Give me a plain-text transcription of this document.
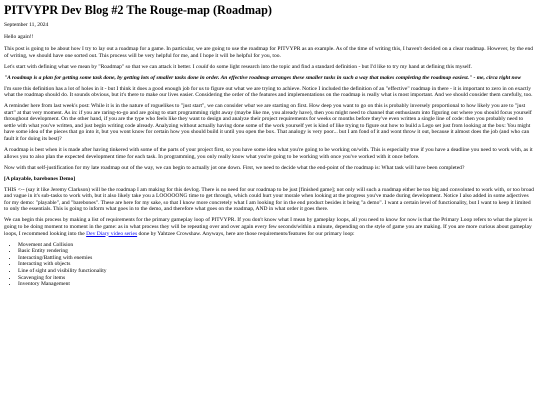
PITVYPR Dev Blog #2 The Rouge-map (Roadmap)

September 11, 2024

Hello again!!

This post is going to be about how I try to lay out a roadmap for a game. In particular, we are going to use the roadmap for PITVYPR as an example. As of the time of writing this, I haven't decided on a clear roadmap. However, by the end of writing, we should have one sorted out. This process will be very helpful for me, and I hope it will be helpful for you, too.

Let's start with defining what we mean by "Roadmap" so that we can attack it better. I could do some light research into the topic and find a standard definition - but I'd like to try my hand at defining this myself.

"A roadmap is a plan for getting some task done, by getting lots of smaller tasks done in order. An effective roadmap arranges these smaller tasks in such a way that makes completing the roadmap easiest." - me, circa right now

I'm sure this definition has a lot of holes in it - but I think it does a good enough job for us to figure out what we are trying to achieve. Notice I included the definition of an "effective" roadmap in there - it is important to zero in on exactly what the roadmap should do. It sounds obvious, but it's there to make our lives easier. Considering the order of the features and implementations on the roadmap is really what is most important. And we should consider them carefully, too.

A reminder here from last week's post: While it is in the nature of roguelikes to "just start", we can consider what we are starting on first. How deep you want to go on this is probably inversely proportional to how likely you are to "just start" at that very moment. As in: if you are raring-to-go and are going to start programming right away (maybe like me, you already have), then you might need to channel that enthusiasm into figuring out where you should focus yourself throughout development. On the other hand, if you are the type who feels like they want to design and analyze their project requirements for weeks or months before they've even written a single line of code: then you probably need to settle with what you've written, and just begin writing code already. Analyzing without actually having done some of the work yourself yet is kind of like trying to figure out how to build a Lego set just from looking at the box: You might have some idea of the pieces that go into it, but you wont know for certain how you should build it until you open the box. That analogy is very poor... but I am fond of it and wont throw it out, because it almost does the job (and who can fault it for doing its best)?

A roadmap is best when it is made after having tinkered with some of the parts of your project first, so you have some idea what you're going to be working on/with. This is especially true if you have a deadline you need to work with, as it allows you to also plan the expected development time for each task. In programming, you only really know what you're going to be working with once you've worked with it once before.

Now with that self-justification for my late roadmap out of the way, we can begin to actually jot one down. First, we need to decide what the end-point of the roadmap is: What task will have been completed?

[A playable, barebones Demo]

THIS <-- (say it like Jeremy Clarkson) will be the roadmap I am making for this devlog. There is no need for our roadmap to be just [finished game]; not only will such a roadmap either be too big and convoluted to work with, or too broad and vague in it's sub-tasks to work with, but it also likely take you a LOOOOONG time to get through, which could hurt your morale when looking at the progress you've made during development. Notice I also added in some adjectives for my demo: "playable", and "barebones". These are here for my sake, so that I know more concretely what I am looking for in the end product besides it being "a demo". I want a certain level of functionality, but I want to keep it limited to only the essentials. This is going to inform what goes in to the demo, and therefore what goes on the roadmap, AND in what order it goes there.

We can begin this process by making a list of requirements for the primary gameplay loop of PITVYPR. If you don't know what I mean by gameplay loops, all you need to know for now is that the Primary Loop refers to what the player is going to be doing moment to moment in the game: as in what process they will be repeating over and over again every few seconds/within a minute, depending on the style of game you are making. If you are more curious about gameplay loops, I recommend looking into the Dev Diary video series done by Yahtzee Crowshaw. Anyways, here are those requirements/features for our primary loop:

• Movement and Collision
• Basic Entity rendering
• Interacting/Battling with enemies
• Interacting with objects
• Line of sight and visibility functionality
• Scavenging for items
• Inventory Management
